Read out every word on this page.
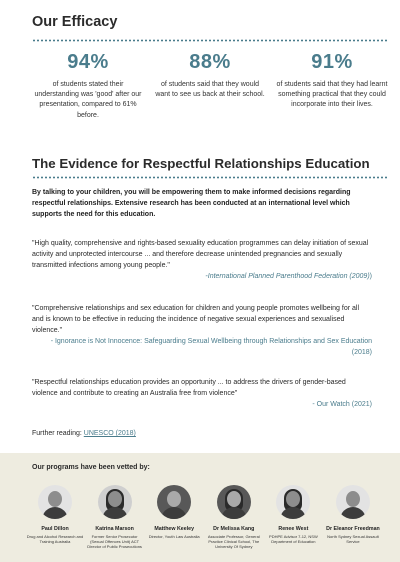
Our Efficacy
94%
of students stated their understanding was 'good' after our presentation, compared to 61% before.
88%
of students said that they would want to see us back at their school.
91%
of students said that they had learnt something practical that they could incorporate into their lives.
The Evidence for Respectful Relationships Education

By talking to your children, you will be empowering them to make informed decisions regarding respectful relationships. Extensive research has been conducted at an international level which supports the need for this education.

"High quality, comprehensive and rights-based sexuality education programmes can delay initiation of sexual activity and unprotected intercourse ... and therefore decrease unintended pregnancies and sexually transmitted infections among young people."
-International Planned Parenthood Federation (2009))
"Comprehensive relationships and sex education for children and young people promotes wellbeing for all and is known to be effective in reducing the incidence of negative sexual experiences and sexualised violence."
- Ignorance is Not Innocence: Safeguarding Sexual Wellbeing through Relationships and Sex Education (2018)
"Respectful relationships education provides an opportunity ... to address the drivers of gender-based violence and contribute to creating an Australia free from violence"
- Our Watch (2021)
Further reading: UNESCO (2018)
Our programs have been vetted by:
Paul Dillon
Drug and Alcohol Research and Training Australia
Katrina Marson
Former Senior Prosecutor (Sexual Offences Unit) ACT Director of Public Prosecutions
Matthew Keeley
Director, Youth Law Australia
Dr Melissa Kang
Associate Professor, General Practice Clinical School, The University Of Sydney
Renee West
PDHPE Advisor 7-12, NSW Department of Education
Dr Eleanor Freedman
North Sydney Sexual Assault Service
